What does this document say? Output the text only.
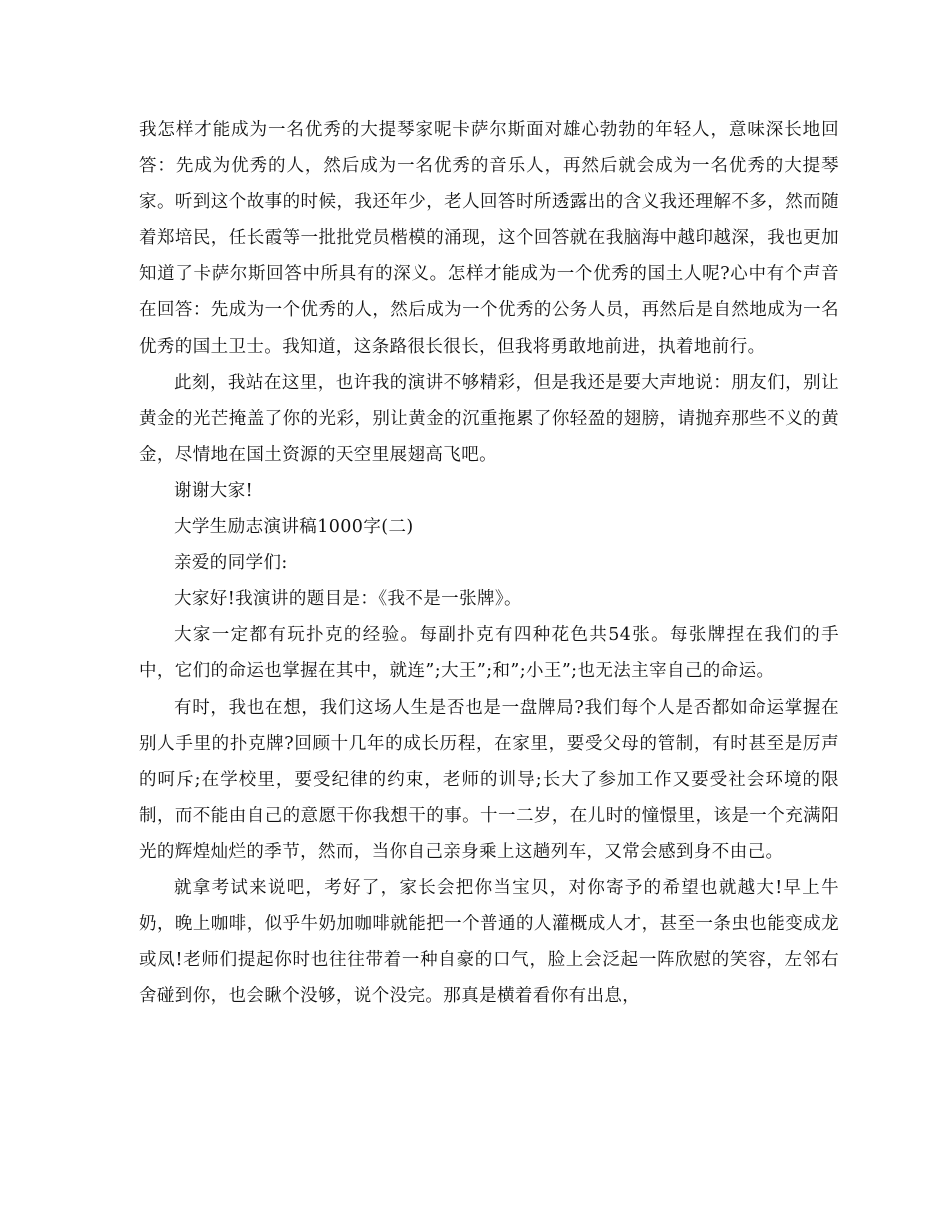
我怎样才能成为一名优秀的大提琴家呢卡萨尔斯面对雄心勃勃的年轻人，意味深长地回答：先成为优秀的人，然后成为一名优秀的音乐人，再然后就会成为一名优秀的大提琴家。听到这个故事的时候，我还年少，老人回答时所透露出的含义我还理解不多，然而随着郑培民，任长霞等一批批党员楷模的涌现，这个回答就在我脑海中越印越深，我也更加知道了卡萨尔斯回答中所具有的深义。怎样才能成为一个优秀的国土人呢?心中有个声音在回答：先成为一个优秀的人，然后成为一个优秀的公务人员，再然后是自然地成为一名优秀的国土卫士。我知道，这条路很长很长，但我将勇敢地前进，执着地前行。

此刻，我站在这里，也许我的演讲不够精彩，但是我还是要大声地说：朋友们，别让黄金的光芒掩盖了你的光彩，别让黄金的沉重拖累了你轻盈的翅膀，请抛弃那些不义的黄金，尽情地在国土资源的天空里展翅高飞吧。

谢谢大家!

大学生励志演讲稿1000字(二)

亲爱的同学们:

大家好!我演讲的题目是：《我不是一张牌》。

大家一定都有玩扑克的经验。每副扑克有四种花色共54张。每张牌捏在我们的手中，它们的命运也掌握在其中，就连”;大王”;和”;小王”;也无法主宰自己的命运。

有时，我也在想，我们这场人生是否也是一盘牌局?我们每个人是否都如命运掌握在别人手里的扑克牌?回顾十几年的成长历程，在家里，要受父母的管制，有时甚至是厉声的呵斥;在学校里，要受纪律的约束，老师的训导;长大了参加工作又要受社会环境的限制，而不能由自己的意愿干你我想干的事。十一二岁，在儿时的憧憬里，该是一个充满阳光的辉煌灿烂的季节，然而，当你自己亲身乘上这趟列车，又常会感到身不由己。

就拿考试来说吧，考好了，家长会把你当宝贝，对你寄予的希望也就越大!早上牛奶，晚上咖啡，似乎牛奶加咖啡就能把一个普通的人灌概成人才，甚至一条虫也能变成龙或凤!老师们提起你时也往往带着一种自豪的口气，脸上会泛起一阵欣慰的笑容，左邻右舍碰到你，也会瞅个没够，说个没完。那真是横着看你有出息，
